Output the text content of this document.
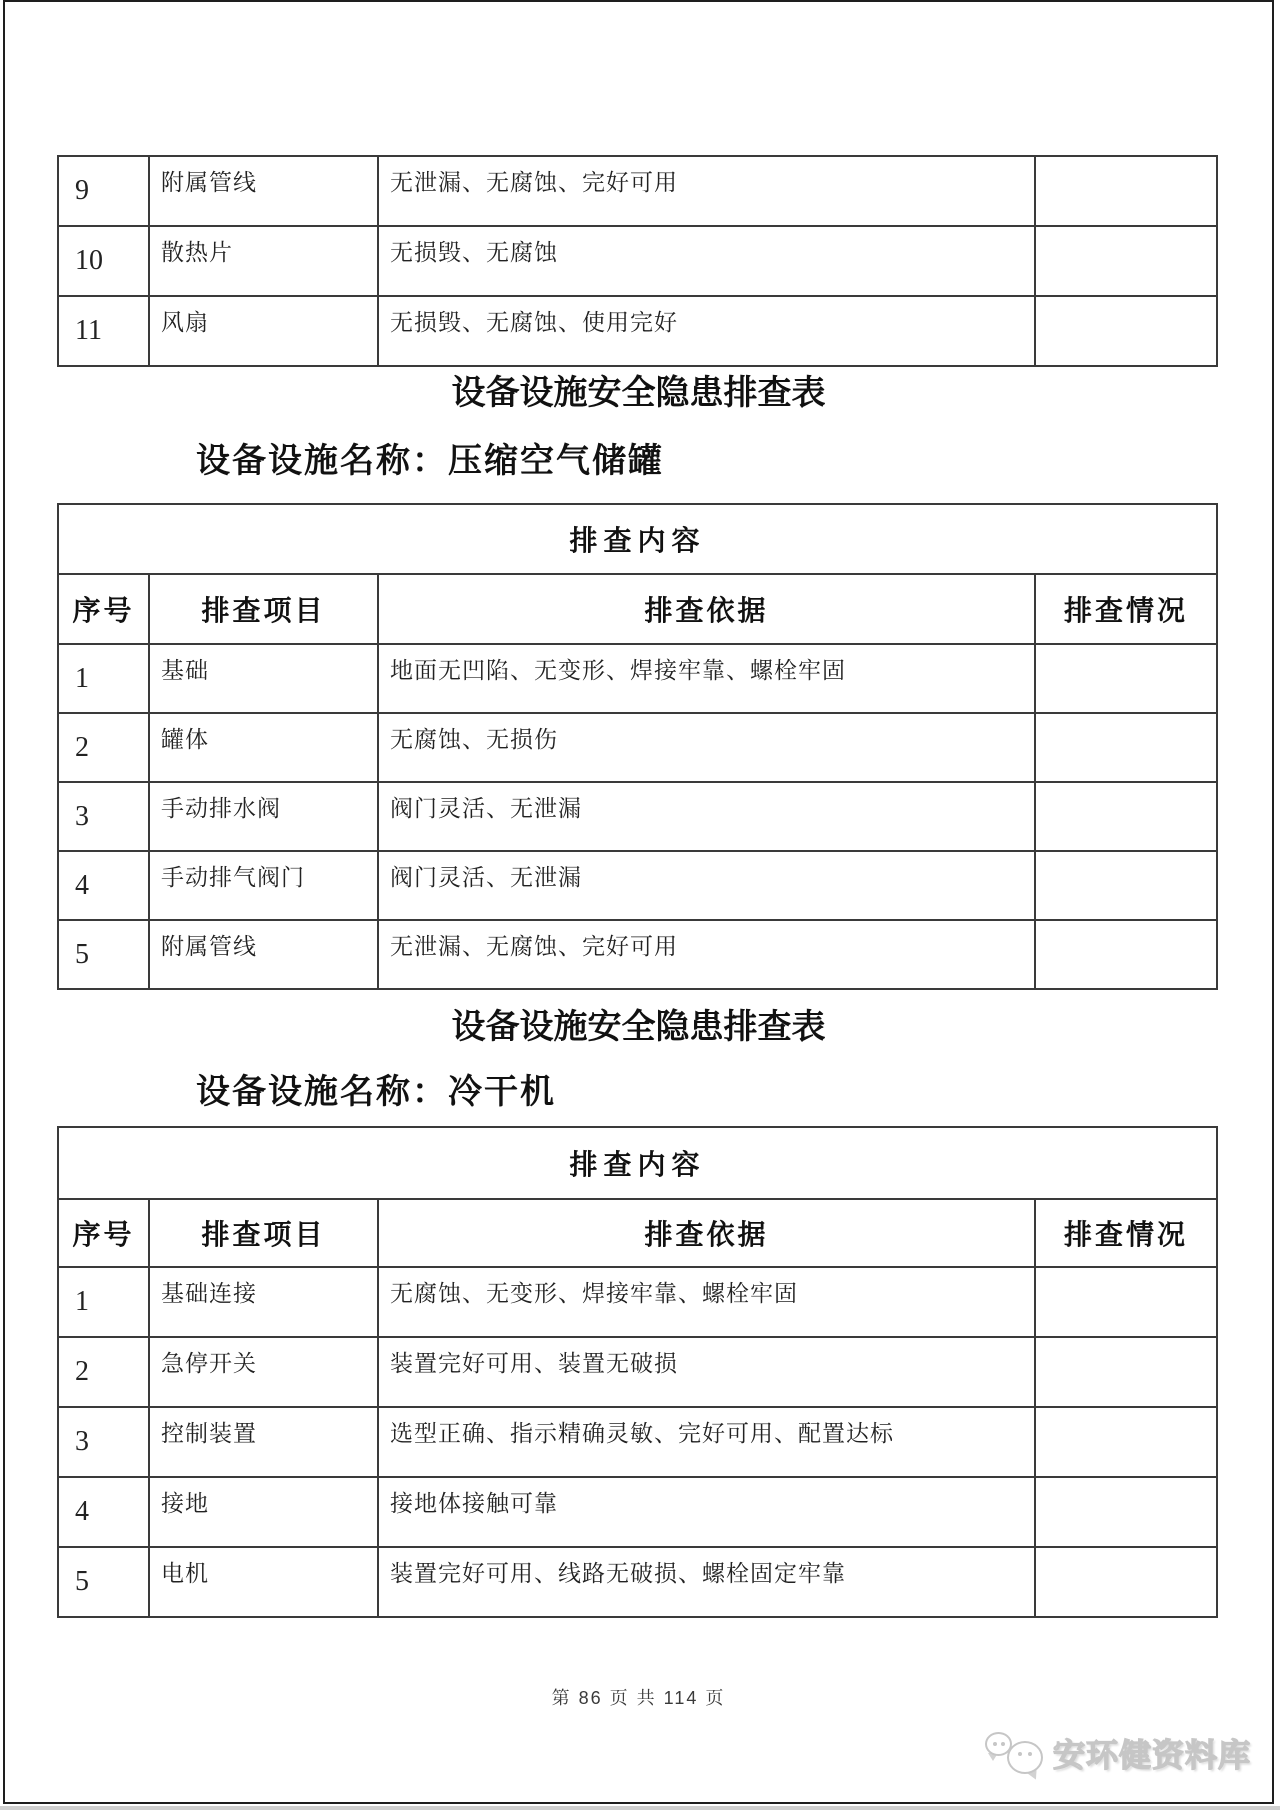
9	附属管线	无泄漏、无腐蚀、完好可用	
10	散热片	无损毁、无腐蚀	
11	风扇	无损毁、无腐蚀、使用完好	
设备设施安全隐患排查表
设备设施名称：压缩空气储罐
排查内容			
序号	排查项目	排查依据	排查情况
1	基础	地面无凹陷、无变形、焊接牢靠、螺栓牢固	
2	罐体	无腐蚀、无损伤	
3	手动排水阀	阀门灵活、无泄漏	
4	手动排气阀门	阀门灵活、无泄漏	
5	附属管线	无泄漏、无腐蚀、完好可用	
设备设施安全隐患排查表
设备设施名称：冷干机
排查内容			
序号	排查项目	排查依据	排查情况
1	基础连接	无腐蚀、无变形、焊接牢靠、螺栓牢固	
2	急停开关	装置完好可用、装置无破损	
3	控制装置	选型正确、指示精确灵敏、完好可用、配置达标	
4	接地	接地体接触可靠	
5	电机	装置完好可用、线路无破损、螺栓固定牢靠	
第 86 页 共 114 页
安环健资料库
